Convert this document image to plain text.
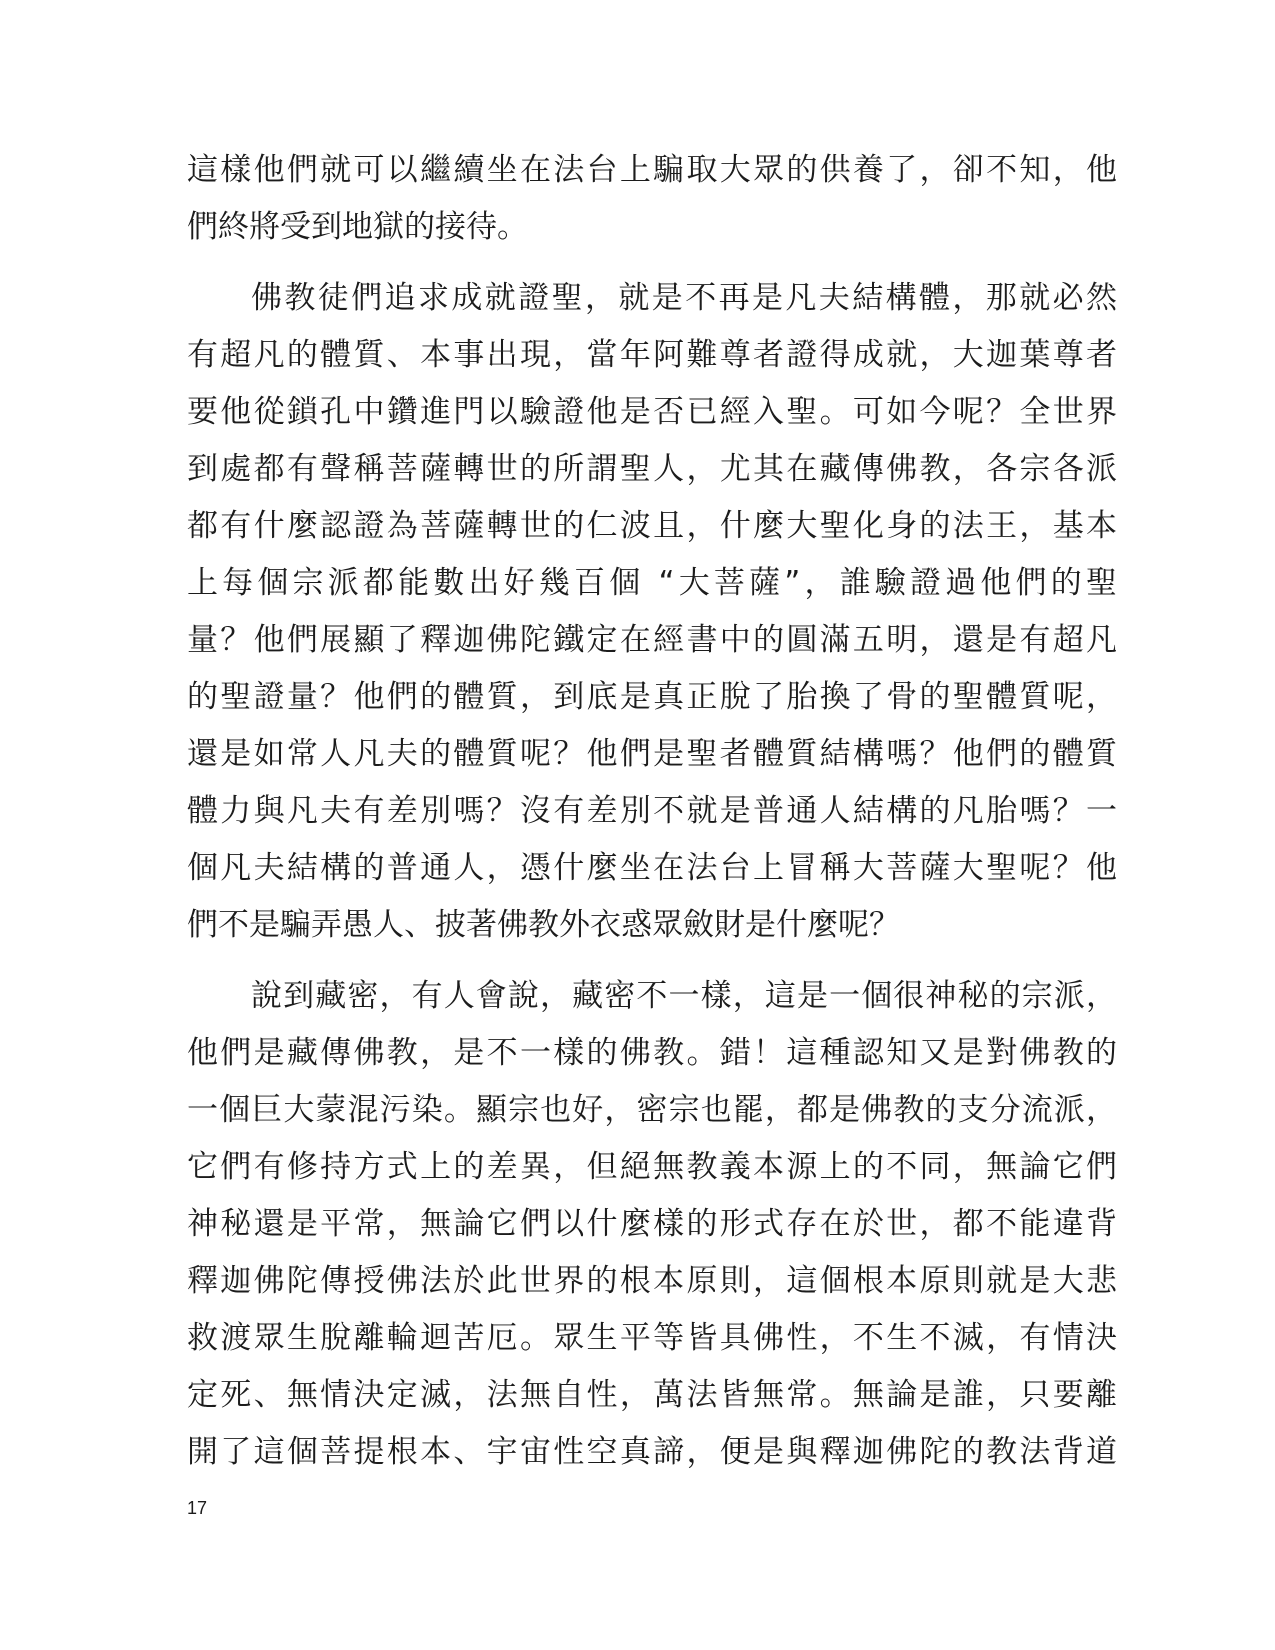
這樣他們就可以繼續坐在法台上騙取大眾的供養了，卻不知，他
們終將受到地獄的接待。

佛教徒們追求成就證聖，就是不再是凡夫結構體，那就必然
有超凡的體質、本事出現，當年阿難尊者證得成就，大迦葉尊者
要他從鎖孔中鑽進門以驗證他是否已經入聖。可如今呢？全世界
到處都有聲稱菩薩轉世的所謂聖人，尤其在藏傳佛教，各宗各派
都有什麼認證為菩薩轉世的仁波且，什麼大聖化身的法王，基本
上每個宗派都能數出好幾百個 “大菩薩”，誰驗證過他們的聖
量？他們展顯了釋迦佛陀鐵定在經書中的圓滿五明，還是有超凡
的聖證量？他們的體質，到底是真正脫了胎換了骨的聖體質呢，
還是如常人凡夫的體質呢？他們是聖者體質結構嗎？他們的體質
體力與凡夫有差別嗎？沒有差別不就是普通人結構的凡胎嗎？一
個凡夫結構的普通人，憑什麼坐在法台上冒稱大菩薩大聖呢？他
們不是騙弄愚人、披著佛教外衣惑眾斂財是什麼呢？

說到藏密，有人會說，藏密不一樣，這是一個很神秘的宗派，
他們是藏傳佛教，是不一樣的佛教。錯！這種認知又是對佛教的
一個巨大蒙混污染。顯宗也好，密宗也罷，都是佛教的支分流派，
它們有修持方式上的差異，但絕無教義本源上的不同，無論它們
神秘還是平常，無論它們以什麼樣的形式存在於世，都不能違背
釋迦佛陀傳授佛法於此世界的根本原則，這個根本原則就是大悲
救渡眾生脫離輪迴苦厄。眾生平等皆具佛性，不生不滅，有情決
定死、無情決定滅，法無自性，萬法皆無常。無論是誰，只要離
開了這個菩提根本、宇宙性空真諦，便是與釋迦佛陀的教法背道

17
